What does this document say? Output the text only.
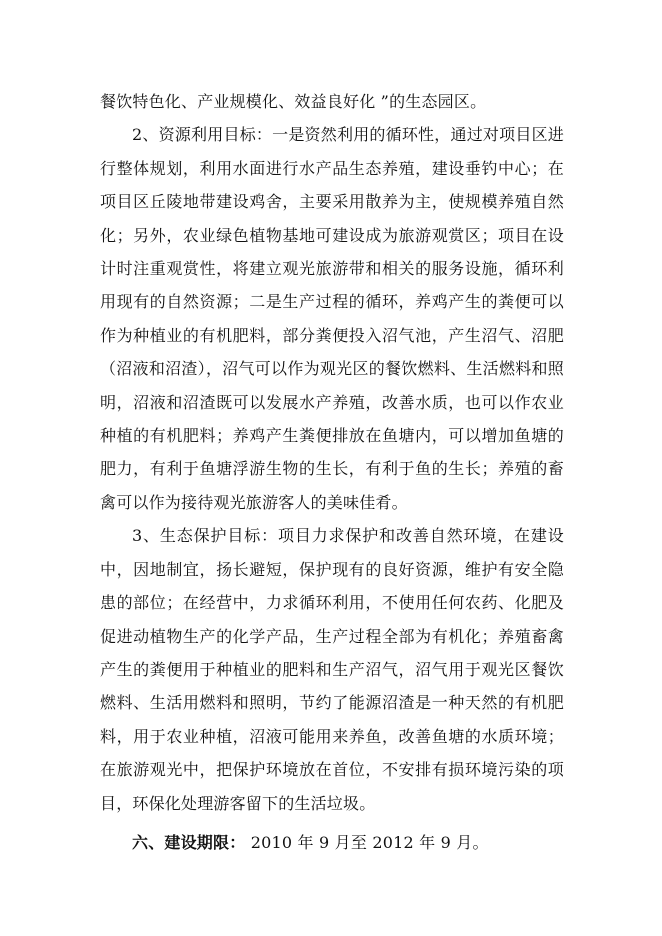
餐饮特色化、产业规模化、效益良好化 ”的生态园区。

2、资源利用目标：一是资然利用的循环性，通过对项目区进行整体规划，利用水面进行水产品生态养殖，建设垂钓中心；在项目区丘陵地带建设鸡舍，主要采用散养为主，使规模养殖自然化；另外，农业绿色植物基地可建设成为旅游观赏区；项目在设计时注重观赏性，将建立观光旅游带和相关的服务设施，循环利用现有的自然资源；二是生产过程的循环，养鸡产生的粪便可以作为种植业的有机肥料，部分粪便投入沼气池，产生沼气、沼肥（沼液和沼渣），沼气可以作为观光区的餐饮燃料、生活燃料和照明，沼液和沼渣既可以发展水产养殖，改善水质，也可以作农业种植的有机肥料；养鸡产生粪便排放在鱼塘内，可以增加鱼塘的肥力，有利于鱼塘浮游生物的生长，有利于鱼的生长；养殖的畜禽可以作为接待观光旅游客人的美味佳肴。

3、生态保护目标：项目力求保护和改善自然环境，在建设中，因地制宜，扬长避短，保护现有的良好资源，维护有安全隐患的部位；在经营中，力求循环利用，不使用任何农药、化肥及促进动植物生产的化学产品，生产过程全部为有机化；养殖畜禽产生的粪便用于种植业的肥料和生产沼气，沼气用于观光区餐饮燃料、生活用燃料和照明，节约了能源沼渣是一种天然的有机肥料，用于农业种植，沼液可能用来养鱼，改善鱼塘的水质环境；在旅游观光中，把保护环境放在首位，不安排有损环境污染的项目，环保化处理游客留下的生活垃圾。

六、建设期限： 2010 年 9 月至 2012 年 9 月。
